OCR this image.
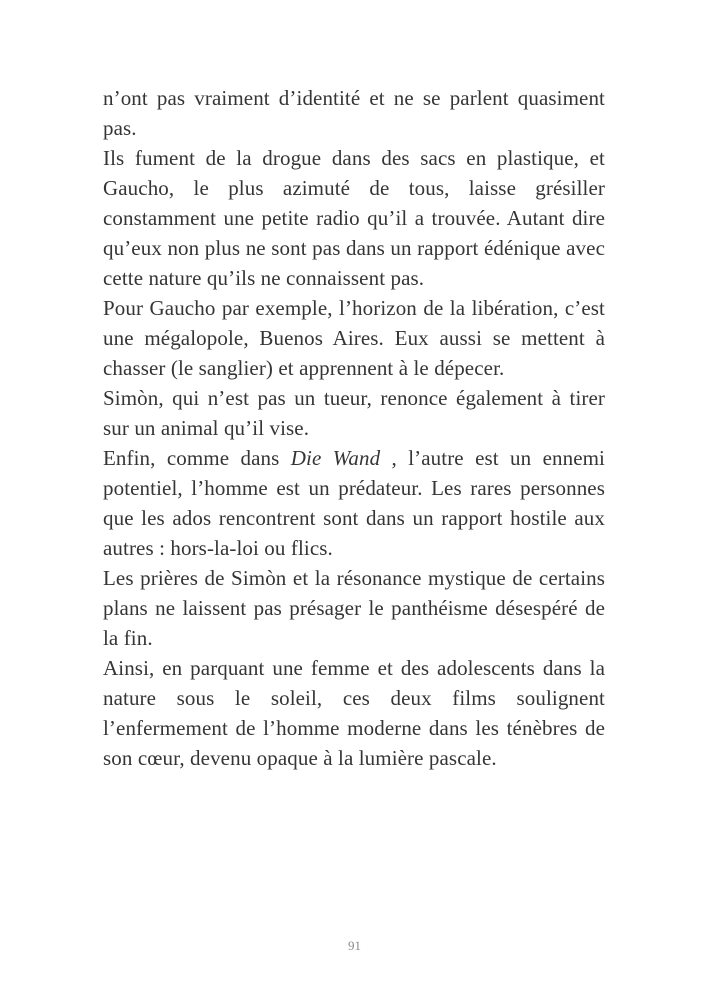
n’ont pas vraiment d’identité et ne se parlent quasiment pas.

Ils fument de la drogue dans des sacs en plastique, et Gaucho, le plus azimuté de tous, laisse grésiller constamment une petite radio qu’il a trouvée. Autant dire qu’eux non plus ne sont pas dans un rapport édénique avec cette nature qu’ils ne connaissent pas.

Pour Gaucho par exemple, l’horizon de la libération, c’est une mégalopole, Buenos Aires. Eux aussi se mettent à chasser (le sanglier) et apprennent à le dépecer.

Simòn, qui n’est pas un tueur, renonce également à tirer sur un animal qu’il vise.

Enfin, comme dans Die Wand , l’autre est un ennemi potentiel, l’homme est un prédateur. Les rares personnes que les ados rencontrent sont dans un rapport hostile aux autres : hors-la-loi ou flics.

Les prières de Simòn et la résonance mystique de certains plans ne laissent pas présager le panthéisme désespéré de la fin.

Ainsi, en parquant une femme et des adolescents dans la nature sous le soleil, ces deux films soulignent l’enfermement de l’homme moderne dans les ténèbres de son cœur, devenu opaque à la lumière pascale.

91
